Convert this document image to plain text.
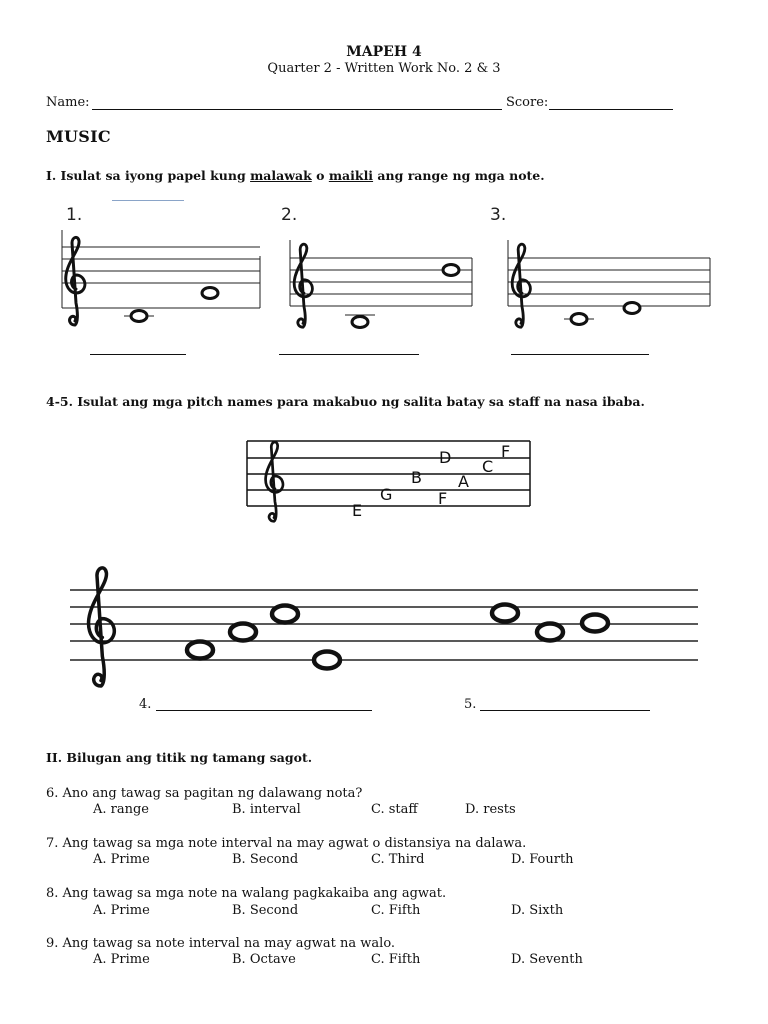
MAPEH 4
Quarter 2 - Written Work No. 2 & 3
Name:	Score:
MUSIC
I. Isulat sa iyong papel kung malawak o maikli ang range ng mga note.
1.	2.	3.
4-5. Isulat ang mga pitch names para makabuo ng salita batay sa staff na nasa ibaba.
E
G
B
D
F
F
A
C
4.	5.
II. Bilugan ang titik ng tamang sagot.
6. Ano ang tawag sa pagitan ng dalawang nota?
A. range	B. interval	C. staff	D. rests
7. Ang tawag sa mga note interval na may agwat o distansiya na dalawa.
A. Prime	B. Second	C. Third	D. Fourth
8. Ang tawag sa mga note na walang pagkakaiba ang agwat.
A. Prime	B. Second	C. Fifth	D. Sixth
9. Ang tawag sa note interval na may agwat na walo.
A. Prime	B. Octave	C. Fifth	D. Seventh
